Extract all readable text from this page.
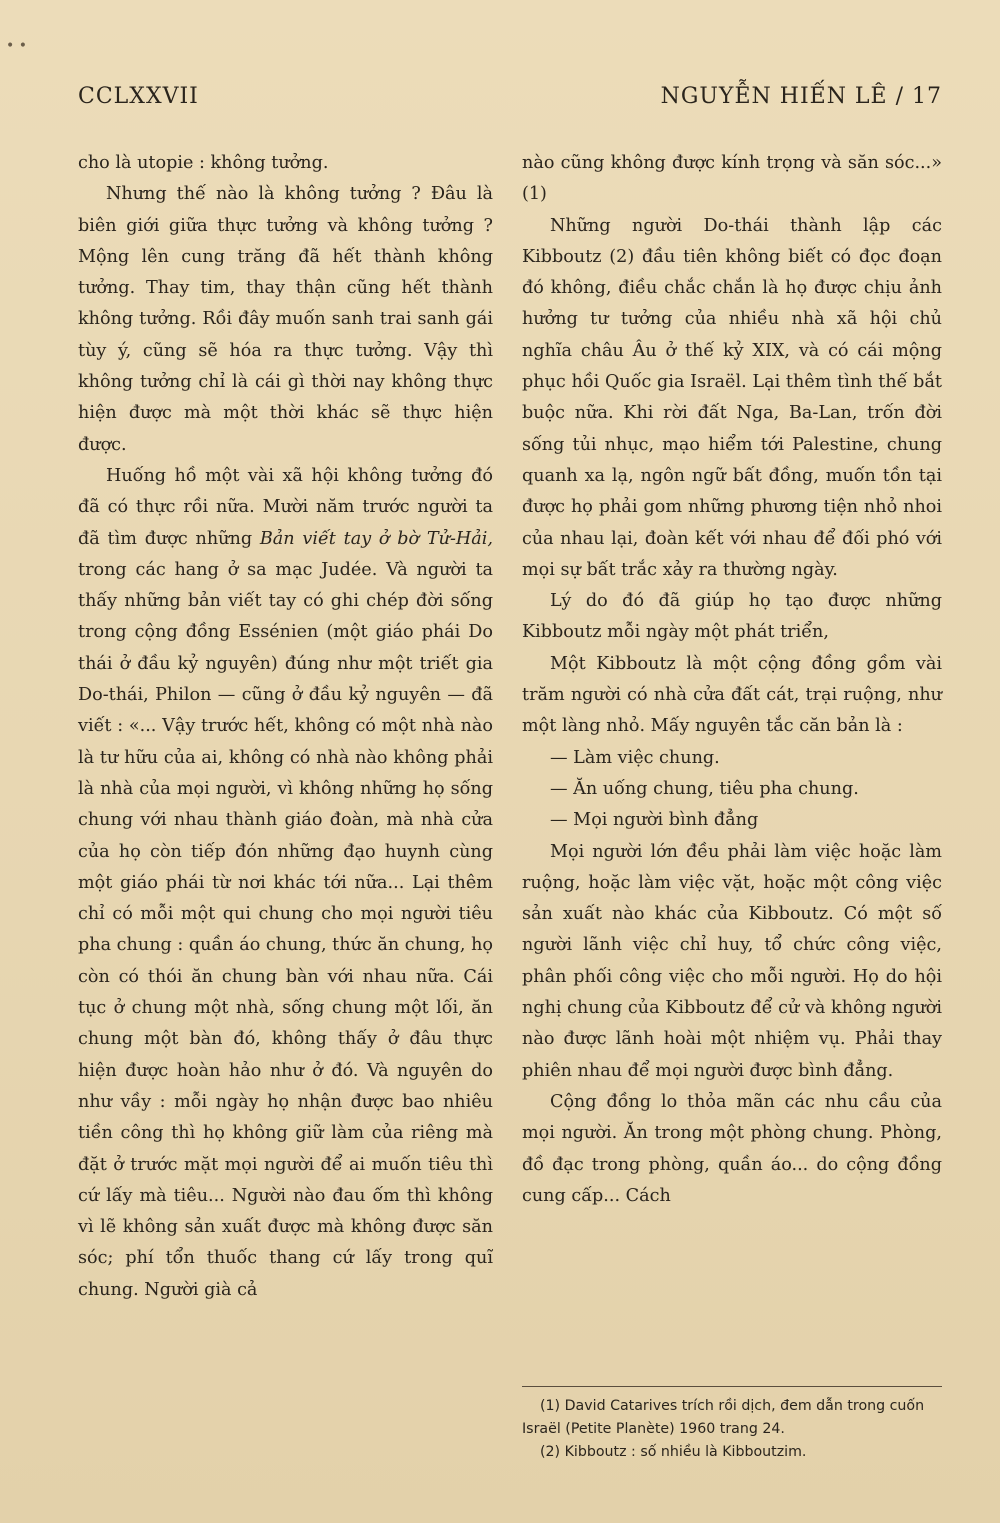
• •
CCLXXVII	NGUYỄN HIẾN LÊ / 17

cho là utopie : không tưởng.

Nhưng thế nào là không tưởng ? Đâu là biên giới giữa thực tưởng và không tưởng ? Mộng lên cung trăng đã hết thành không tưởng. Thay tim, thay thận cũng hết thành không tưởng. Rồi đây muốn sanh trai sanh gái tùy ý, cũng sẽ hóa ra thực tưởng. Vậy thì không tưởng chỉ là cái gì thời nay không thực hiện được mà một thời khác sẽ thực hiện được.

Huống hồ một vài xã hội không tưởng đó đã có thực rồi nữa. Mười năm trước người ta đã tìm được những Bản viết tay ở bờ Tử-Hải, trong các hang ở sa mạc Judée. Và người ta thấy những bản viết tay có ghi chép đời sống trong cộng đồng Essénien (một giáo phái Do thái ở đầu kỷ nguyên) đúng như một triết gia Do-thái, Philon — cũng ở đầu kỷ nguyên — đã viết : «... Vậy trước hết, không có một nhà nào là tư hữu của ai, không có nhà nào không phải là nhà của mọi người, vì không những họ sống chung với nhau thành giáo đoàn, mà nhà cửa của họ còn tiếp đón những đạo huynh cùng một giáo phái từ nơi khác tới nữa... Lại thêm chỉ có mỗi một qui chung cho mọi người tiêu pha chung : quần áo chung, thức ăn chung, họ còn có thói ăn chung bàn với nhau nữa. Cái tục ở chung một nhà, sống chung một lối, ăn chung một bàn đó, không thấy ở đâu thực hiện được hoàn hảo như ở đó. Và nguyên do như vầy : mỗi ngày họ nhận được bao nhiêu tiền công thì họ không giữ làm của riêng mà đặt ở trước mặt mọi người để ai muốn tiêu thì cứ lấy mà tiêu... Người nào đau ốm thì không vì lẽ không sản xuất được mà không được săn sóc; phí tổn thuốc thang cứ lấy trong quĩ chung. Người già cả

nào cũng không được kính trọng và săn sóc...» (1)

Những người Do-thái thành lập các Kibboutz (2) đầu tiên không biết có đọc đoạn đó không, điều chắc chắn là họ được chịu ảnh hưởng tư tưởng của nhiều nhà xã hội chủ nghĩa châu Âu ở thế kỷ XIX, và có cái mộng phục hồi Quốc gia Israël. Lại thêm tình thế bắt buộc nữa. Khi rời đất Nga, Ba-Lan, trốn đời sống tủi nhục, mạo hiểm tới Palestine, chung quanh xa lạ, ngôn ngữ bất đồng, muốn tồn tại được họ phải gom những phương tiện nhỏ nhoi của nhau lại, đoàn kết với nhau để đối phó với mọi sự bất trắc xảy ra thường ngày.

Lý do đó đã giúp họ tạo được những Kibboutz mỗi ngày một phát triển,

Một Kibboutz là một cộng đồng gồm vài trăm người có nhà cửa đất cát, trại ruộng, như một làng nhỏ. Mấy nguyên tắc căn bản là :

— Làm việc chung.

— Ăn uống chung, tiêu pha chung.

— Mọi người bình đẳng

Mọi người lớn đều phải làm việc hoặc làm ruộng, hoặc làm việc vặt, hoặc một công việc sản xuất nào khác của Kibboutz. Có một số người lãnh việc chỉ huy, tổ chức công việc, phân phối công việc cho mỗi người. Họ do hội nghị chung của Kibboutz để cử và không người nào được lãnh hoài một nhiệm vụ. Phải thay phiên nhau để mọi người được bình đẳng.

Cộng đồng lo thỏa mãn các nhu cầu của mọi người. Ăn trong một phòng chung. Phòng, đồ đạc trong phòng, quần áo... do cộng đồng cung cấp... Cách

(1) David Catarives trích rồi dịch, đem dẫn trong cuốn Israël (Petite Planète) 1960 trang 24.

(2) Kibboutz : số nhiều là Kibboutzim.
